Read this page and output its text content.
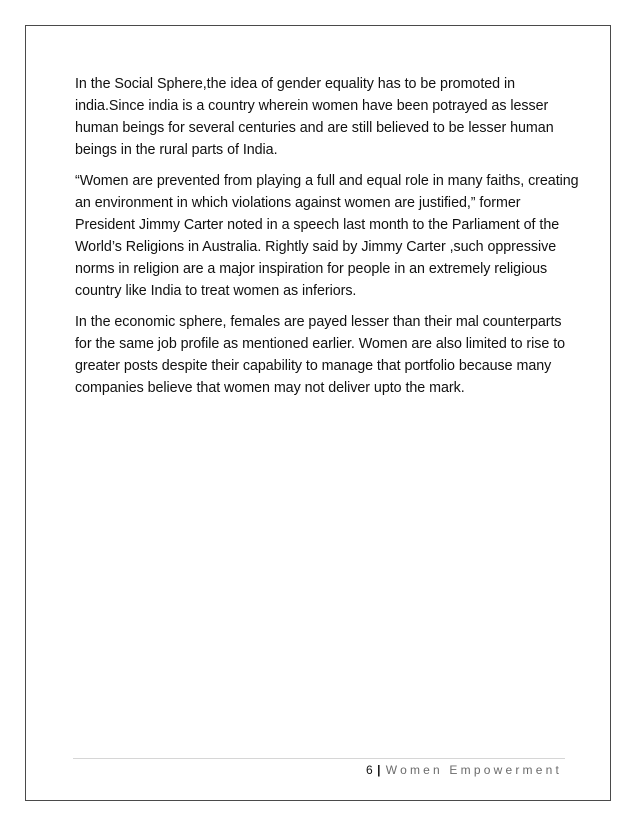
In the Social Sphere,the idea of gender equality has to be promoted in india.Since india is a country wherein women have been potrayed as lesser human beings for several centuries and are still believed to be lesser human beings in the rural parts of India.

“Women are prevented from playing a full and equal role in many faiths, creating an environment in which violations against women are justified,” former President Jimmy Carter noted in a speech last month to the Parliament of the World’s Religions in Australia. Rightly said by Jimmy Carter ,such oppressive norms in religion are a major inspiration for people in an extremely religious country like India to treat women as inferiors.

In the economic sphere, females are payed lesser than their mal counterparts for the same job profile as mentioned earlier. Women are also limited to rise to greater posts despite their capability to manage that portfolio because many companies believe that women may not deliver upto the mark.

6 | Women Empowerment
